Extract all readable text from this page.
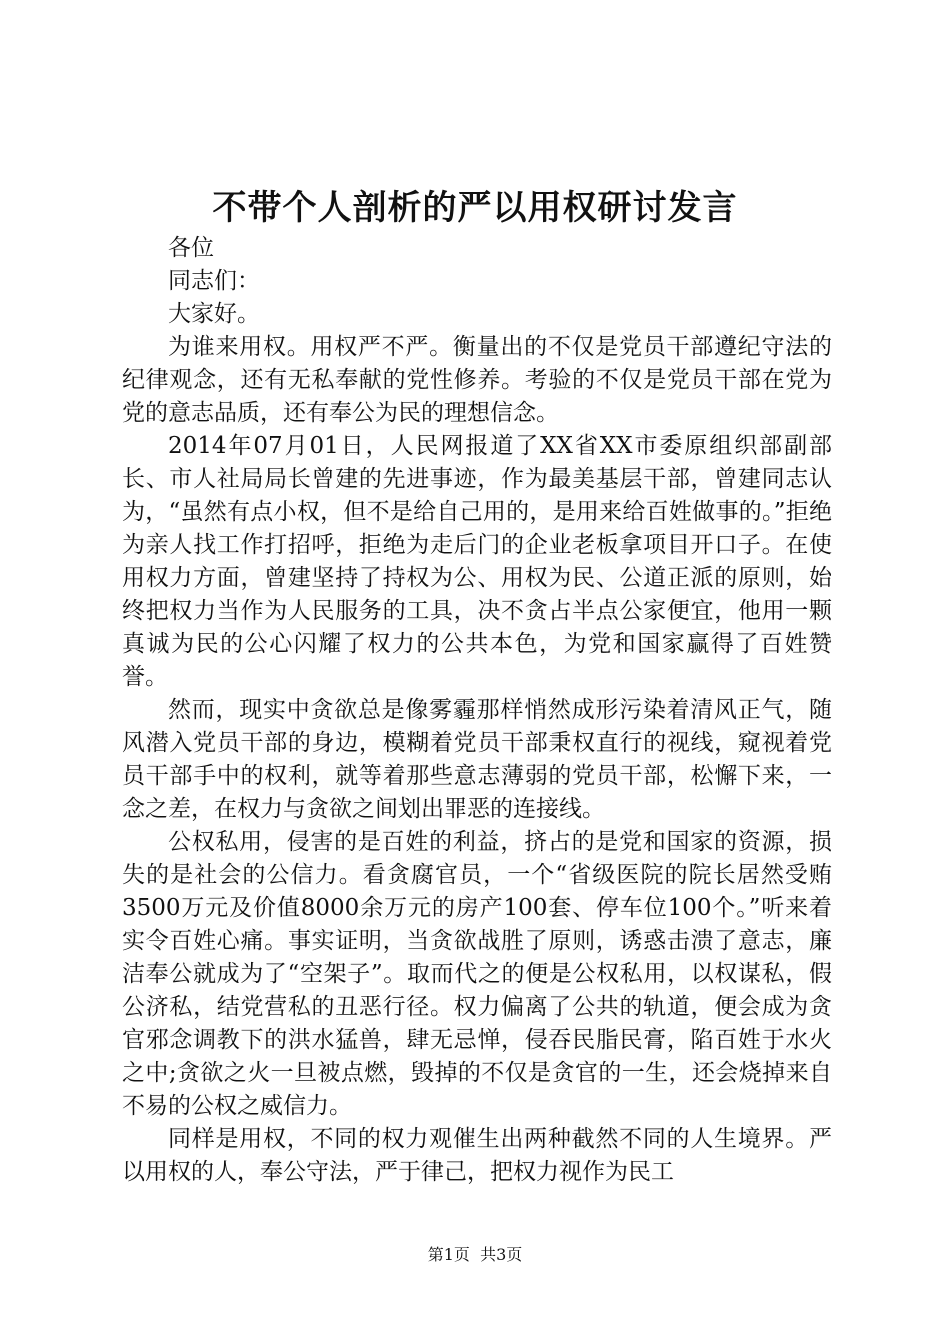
不带个人剖析的严以用权研讨发言

各位

同志们：

大家好。

为谁来用权。用权严不严。衡量出的不仅是党员干部遵纪守法的纪律观念，还有无私奉献的党性修养。考验的不仅是党员干部在党为党的意志品质，还有奉公为民的理想信念。

2014年07月01日，人民网报道了XX省XX市委原组织部副部长、市人社局局长曾建的先进事迹，作为最美基层干部，曾建同志认为，“虽然有点小权，但不是给自己用的，是用来给百姓做事的。”拒绝为亲人找工作打招呼，拒绝为走后门的企业老板拿项目开口子。在使用权力方面，曾建坚持了持权为公、用权为民、公道正派的原则，始终把权力当作为人民服务的工具，决不贪占半点公家便宜，他用一颗真诚为民的公心闪耀了权力的公共本色，为党和国家赢得了百姓赞誉。

然而，现实中贪欲总是像雾霾那样悄然成形污染着清风正气，随风潜入党员干部的身边，模糊着党员干部秉权直行的视线，窥视着党员干部手中的权利，就等着那些意志薄弱的党员干部，松懈下来，一念之差，在权力与贪欲之间划出罪恶的连接线。

公权私用，侵害的是百姓的利益，挤占的是党和国家的资源，损失的是社会的公信力。看贪腐官员，一个“省级医院的院长居然受贿3500万元及价值8000余万元的房产100套、停车位100个。”听来着实令百姓心痛。事实证明，当贪欲战胜了原则，诱惑击溃了意志，廉洁奉公就成为了“空架子”。取而代之的便是公权私用，以权谋私，假公济私，结党营私的丑恶行径。权力偏离了公共的轨道，便会成为贪官邪念调教下的洪水猛兽，肆无忌惮，侵吞民脂民膏，陷百姓于水火之中;贪欲之火一旦被点燃，毁掉的不仅是贪官的一生，还会烧掉来自不易的公权之威信力。

同样是用权，不同的权力观催生出两种截然不同的人生境界。严以用权的人，奉公守法，严于律己，把权力视作为民工

第1页  共3页
